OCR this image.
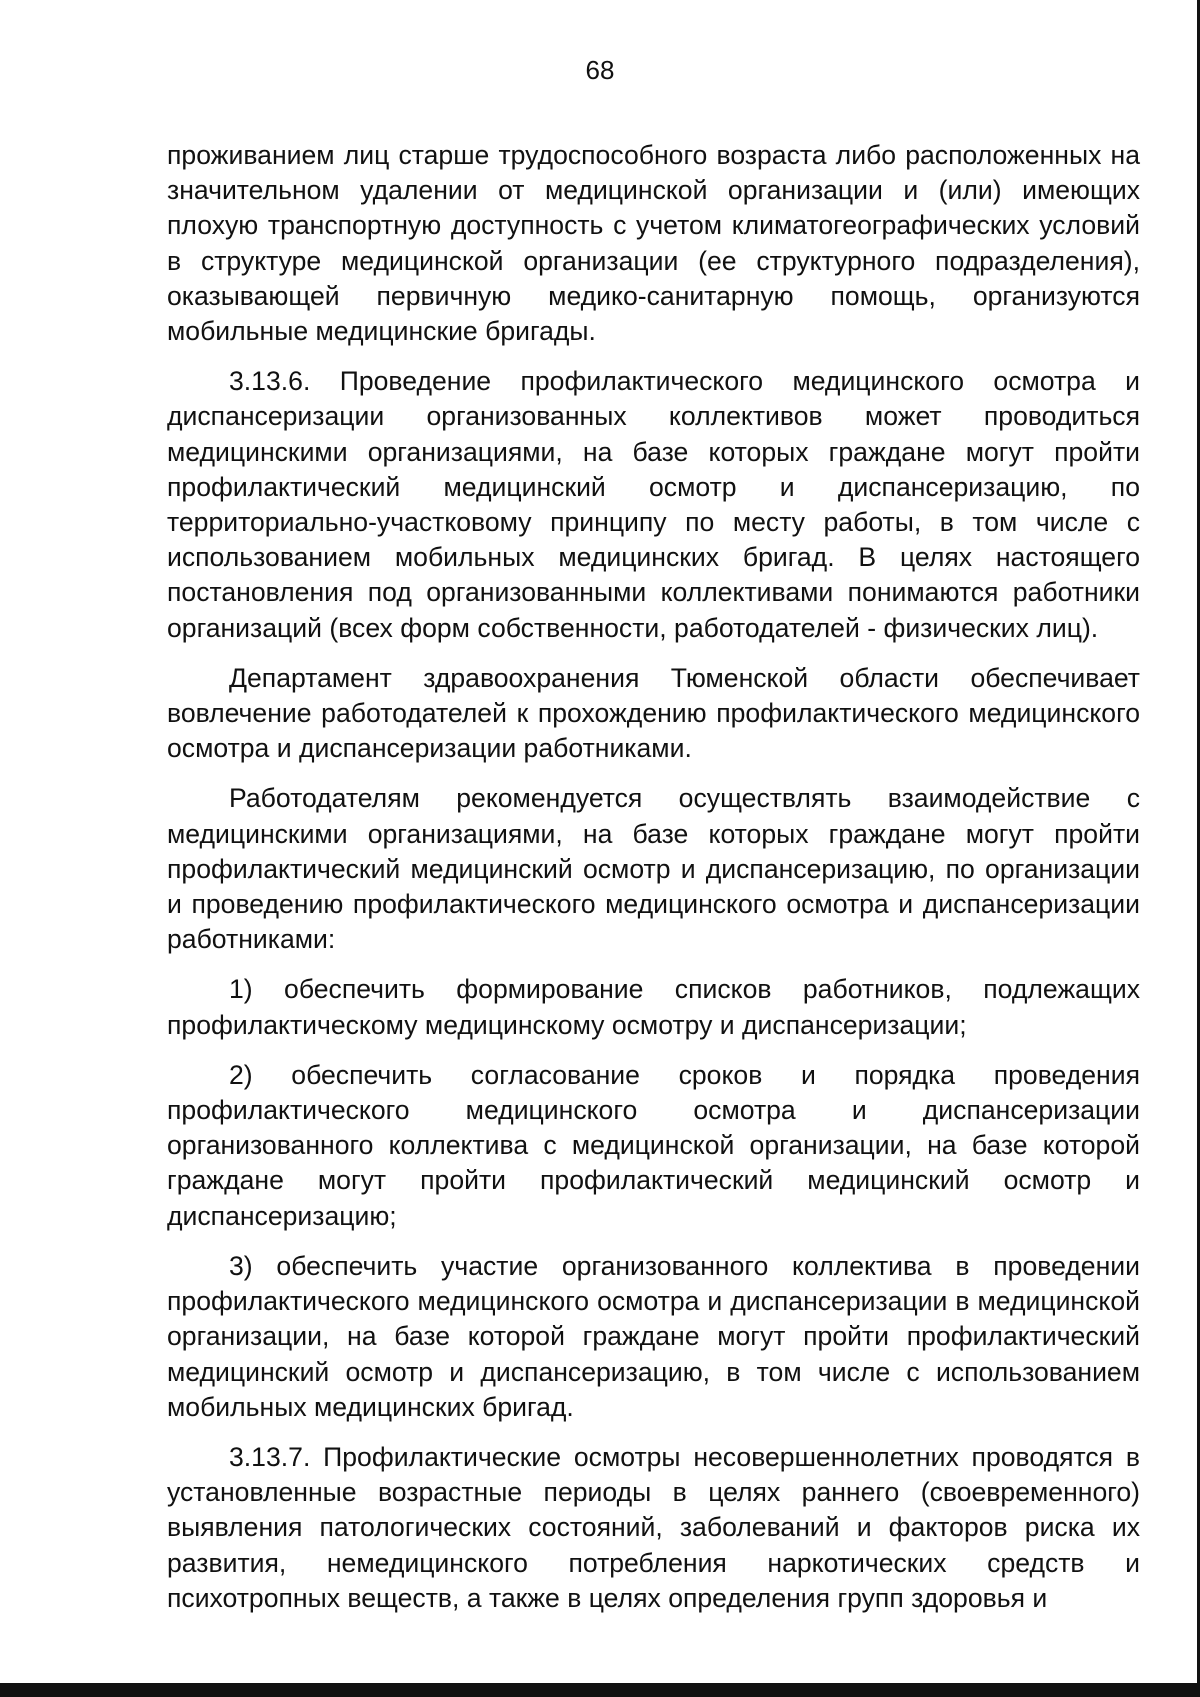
68

проживанием лиц старше трудоспособного возраста либо расположенных на значительном удалении от медицинской организации и (или) имеющих плохую транспортную доступность с учетом климатогеографических условий в структуре медицинской организации (ее структурного подразделения), оказывающей первичную медико-санитарную помощь, организуются мобильные медицинские бригады.

3.13.6. Проведение профилактического медицинского осмотра и диспансеризации организованных коллективов может проводиться медицинскими организациями, на базе которых граждане могут пройти профилактический медицинский осмотр и диспансеризацию, по территориально-участковому принципу по месту работы, в том числе с использованием мобильных медицинских бригад. В целях настоящего постановления под организованными коллективами понимаются работники организаций (всех форм собственности, работодателей - физических лиц).

Департамент здравоохранения Тюменской области обеспечивает вовлечение работодателей к прохождению профилактического медицинского осмотра и диспансеризации работниками.

Работодателям рекомендуется осуществлять взаимодействие с медицинскими организациями, на базе которых граждане могут пройти профилактический медицинский осмотр и диспансеризацию, по организации и проведению профилактического медицинского осмотра и диспансеризации работниками:

1) обеспечить формирование списков работников, подлежащих профилактическому медицинскому осмотру и диспансеризации;

2) обеспечить согласование сроков и порядка проведения профилактического медицинского осмотра и диспансеризации организованного коллектива с медицинской организации, на базе которой граждане могут пройти профилактический медицинский осмотр и диспансеризацию;

3) обеспечить участие организованного коллектива в проведении профилактического медицинского осмотра и диспансеризации в медицинской организации, на базе которой граждане могут пройти профилактический медицинский осмотр и диспансеризацию, в том числе с использованием мобильных медицинских бригад.

3.13.7. Профилактические осмотры несовершеннолетних проводятся в установленные возрастные периоды в целях раннего (своевременного) выявления патологических состояний, заболеваний и факторов риска их развития, немедицинского потребления наркотических средств и психотропных веществ, а также в целях определения групп здоровья и
